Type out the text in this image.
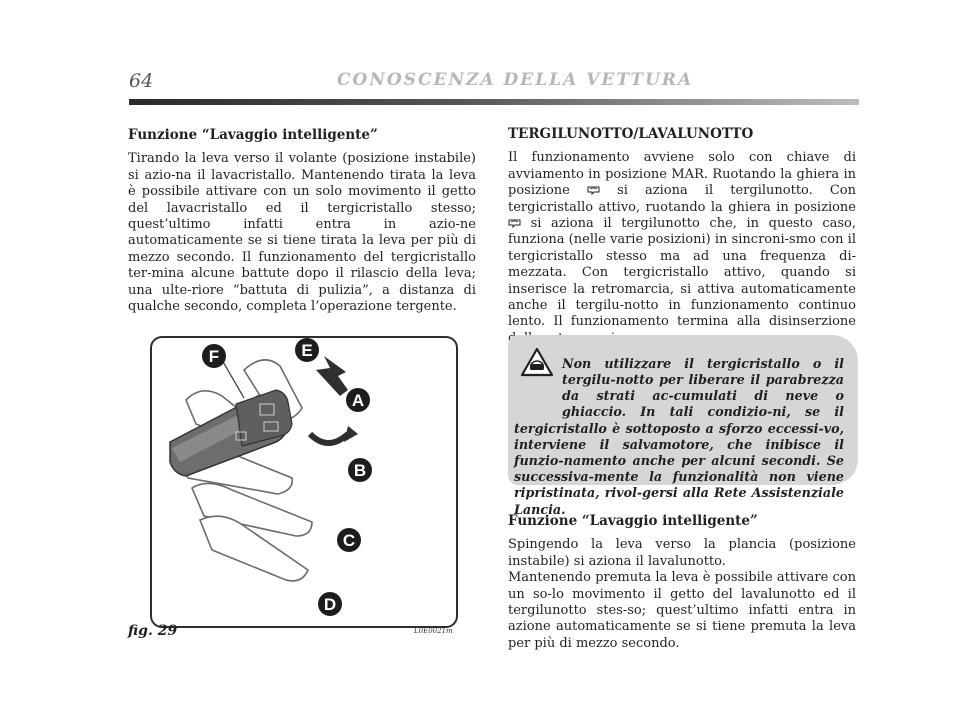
64	CONOSCENZA DELLA VETTURA

Funzione “Lavaggio intelligente”

Tirando la leva verso il volante (posizione instabile) si azio-na il lavacristallo. Mantenendo tirata la leva è possibile attivare con un solo movimento il getto del lavacristallo ed il tergicristallo stesso; quest’ultimo infatti entra in azio-ne automaticamente se si tiene tirata la leva per più di mezzo secondo. Il funzionamento del tergicristallo ter-mina alcune battute dopo il rilascio della leva; una ulte-riore “battuta di pulizia”, a distanza di qualche secondo, completa l’operazione tergente.

TERGILUNOTTO/LAVALUNOTTO

Il funzionamento avviene solo con chiave di avviamento in posizione MAR. Ruotando la ghiera in posizione	si aziona il tergilunotto. Con tergicristallo attivo, ruotando la ghiera in posizione  si aziona il tergilunotto che, in questo caso, funziona (nelle varie posizioni) in sincroni-smo con il tergicristallo stesso ma ad una frequenza di-mezzata. Con tergicristallo attivo, quando si inserisce la retromarcia, si attiva automaticamente anche il tergilu-notto in funzionamento continuo lento. Il funzionamento termina alla disinserzione

Non utilizzare il tergicristallo o il tergilu-notto per liberare il parabrezza da strati ac-cumulati di neve o ghiaccio. In tali condizio-ni, se il tergicristallo è sottoposto a sforzo eccessi-vo, interviene il salvamotore, che inibisce il funzio-namento anche per alcuni secondi. Se successiva-mente la funzionalità non viene ripristinata, rivol-gersi alla Rete Assistenziale Lancia.

Funzione “Lavaggio intelligente”

Spingendo la leva verso la plancia (posizione instabile) si aziona il lavalunotto.

Mantenendo premuta la leva è possibile attivare con un so-lo movimento il getto del lavalunotto ed il tergilunotto stes-so; quest’ultimo infatti entra in azione automaticamente se si tiene premuta la leva per più di mezzo secondo.

F	E
A
B
C
D
fig. 29	L0E0021m
